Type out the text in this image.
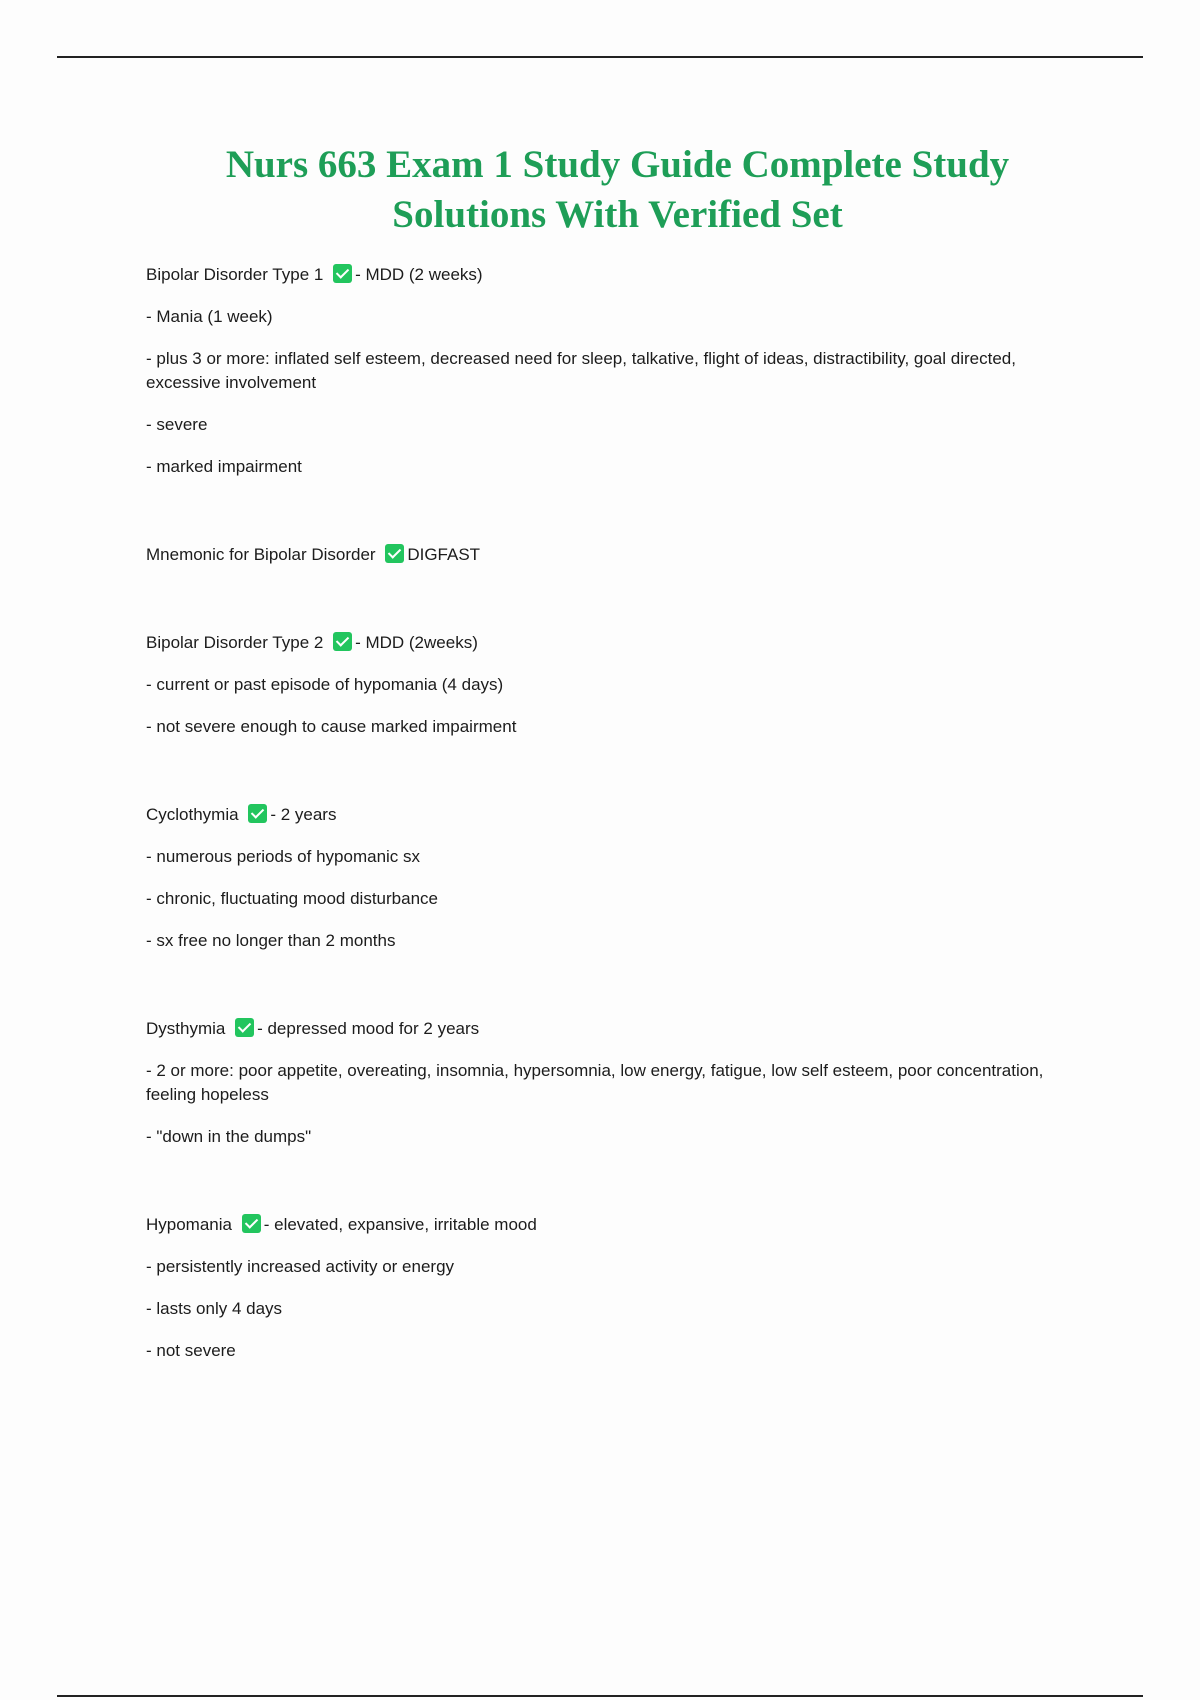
Nurs 663 Exam 1 Study Guide Complete Study Solutions With Verified Set
Bipolar Disorder Type 1 - MDD (2 weeks)
- Mania (1 week)
- plus 3 or more: inflated self esteem, decreased need for sleep, talkative, flight of ideas, distractibility, goal directed, excessive involvement
- severe
- marked impairment
Mnemonic for Bipolar Disorder DIGFAST
Bipolar Disorder Type 2 - MDD (2weeks)
- current or past episode of hypomania (4 days)
- not severe enough to cause marked impairment
Cyclothymia - 2 years
- numerous periods of hypomanic sx
- chronic, fluctuating mood disturbance
- sx free no longer than 2 months
Dysthymia - depressed mood for 2 years
- 2 or more: poor appetite, overeating, insomnia, hypersomnia, low energy, fatigue, low self esteem, poor concentration, feeling hopeless
- "down in the dumps"
Hypomania - elevated, expansive, irritable mood
- persistently increased activity or energy
- lasts only 4 days
- not severe
